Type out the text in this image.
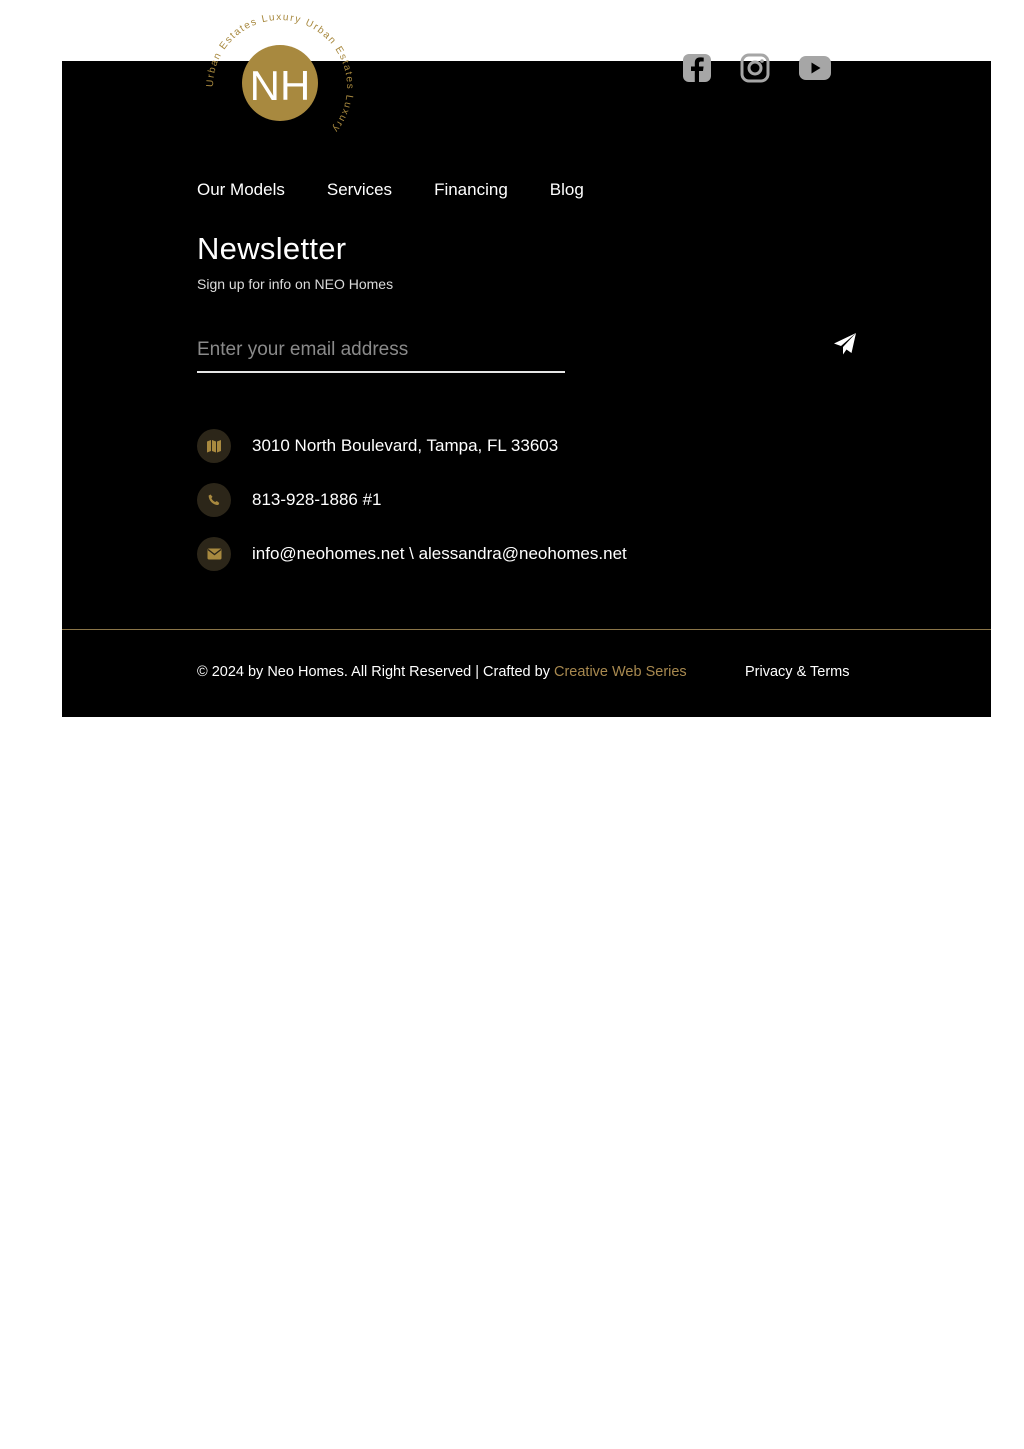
NH
Urban Estates Luxury Urban Estates Luxury
Our Models Services Financing Blog
Newsletter

Sign up for info on NEO Homes

Enter your email address
3010 North Boulevard, Tampa, FL 33603
813-928-1886 #1
info@neohomes.net \ alessandra@neohomes.net
© 2024 by Neo Homes. All Right Reserved | Crafted by Creative Web Series	Privacy & Terms
